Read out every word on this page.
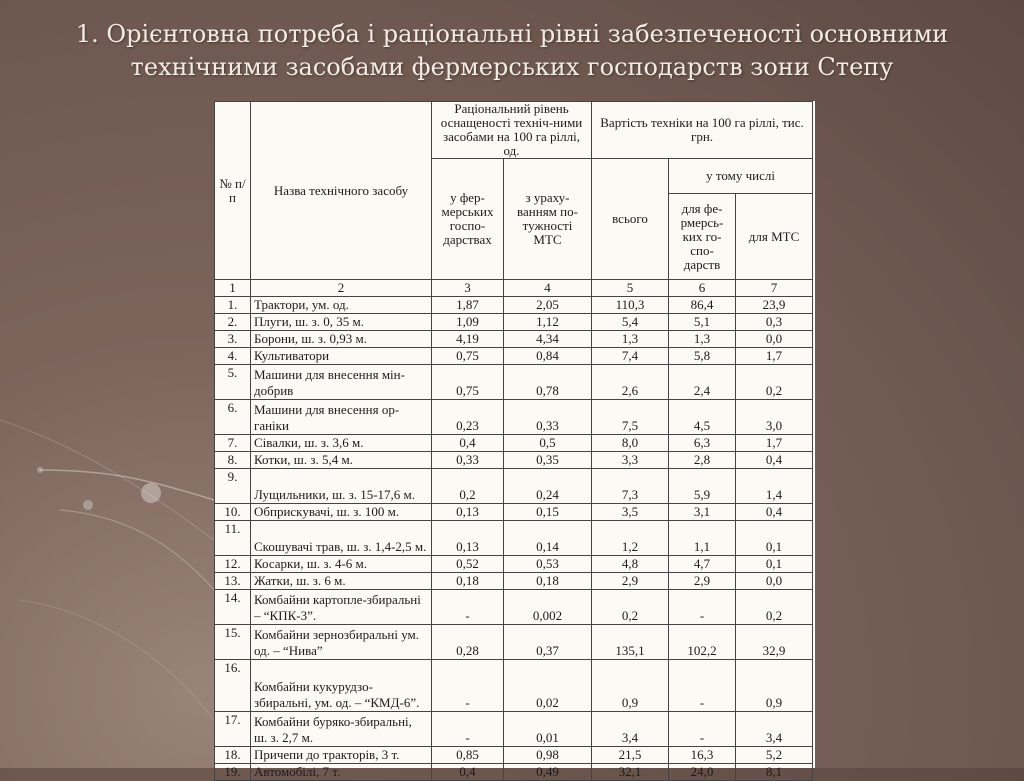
1. Орієнтовна потреба і раціональні рівні забезпеченості основними
технічними засобами фермерських господарств зони Степу
№ п/п	Назва технічного засобу	Раціональний рівень оснащеності техніч-ними засобами на 100 га ріллі, од.		Вартість техніки на 100 га ріллі, тис. грн.		
		у фер-мерських госпо-дарствах	з ураху-ванням по-тужності МТС	всього	у тому числі	
					для фе-рмерсь-ких го-спо-дарств	для МТС
1	2	3	4	5	6	7
1.	Трактори, ум. од.	1,87	2,05	110,3	86,4	23,9
2.	Плуги, ш. з. 0, 35 м.	1,09	1,12	5,4	5,1	0,3
3.	Борони, ш. з. 0,93 м.	4,19	4,34	1,3	1,3	0,0
4.	Культиватори	0,75	0,84	7,4	5,8	1,7
5.	Машини для внесення мін-добрив	0,75	0,78	2,6	2,4	0,2
6.	Машини для внесення ор-ганіки	0,23	0,33	7,5	4,5	3,0
7.	Сівалки, ш. з. 3,6 м.	0,4	0,5	8,0	6,3	1,7
8.	Котки, ш. з. 5,4 м.	0,33	0,35	3,3	2,8	0,4
9.	Лущильники, ш. з. 15-17,6 м.	0,2	0,24	7,3	5,9	1,4
10.	Обприскувачі, ш. з. 100 м.	0,13	0,15	3,5	3,1	0,4
11.	Скошувачі трав, ш. з. 1,4-2,5 м.	0,13	0,14	1,2	1,1	0,1
12.	Косарки, ш. з. 4-6 м.	0,52	0,53	4,8	4,7	0,1
13.	Жатки, ш. з. 6 м.	0,18	0,18	2,9	2,9	0,0
14.	Комбайни картопле-збиральні – “КПК-3”.	-	0,002	0,2	-	0,2
15.	Комбайни зернозбиральні ум. од. – “Нива”	0,28	0,37	135,1	102,2	32,9
16.	Комбайни кукурудзо-збиральні, ум. од. – “КМД-6”.	-	0,02	0,9	-	0,9
17.	Комбайни буряко-збиральні, ш. з. 2,7 м.	-	0,01	3,4	-	3,4
18.	Причепи до тракторів, 3 т.	0,85	0,98	21,5	16,3	5,2
19.	Автомобілі, 7 т.	0,4	0,49	32,1	24,0	8,1
